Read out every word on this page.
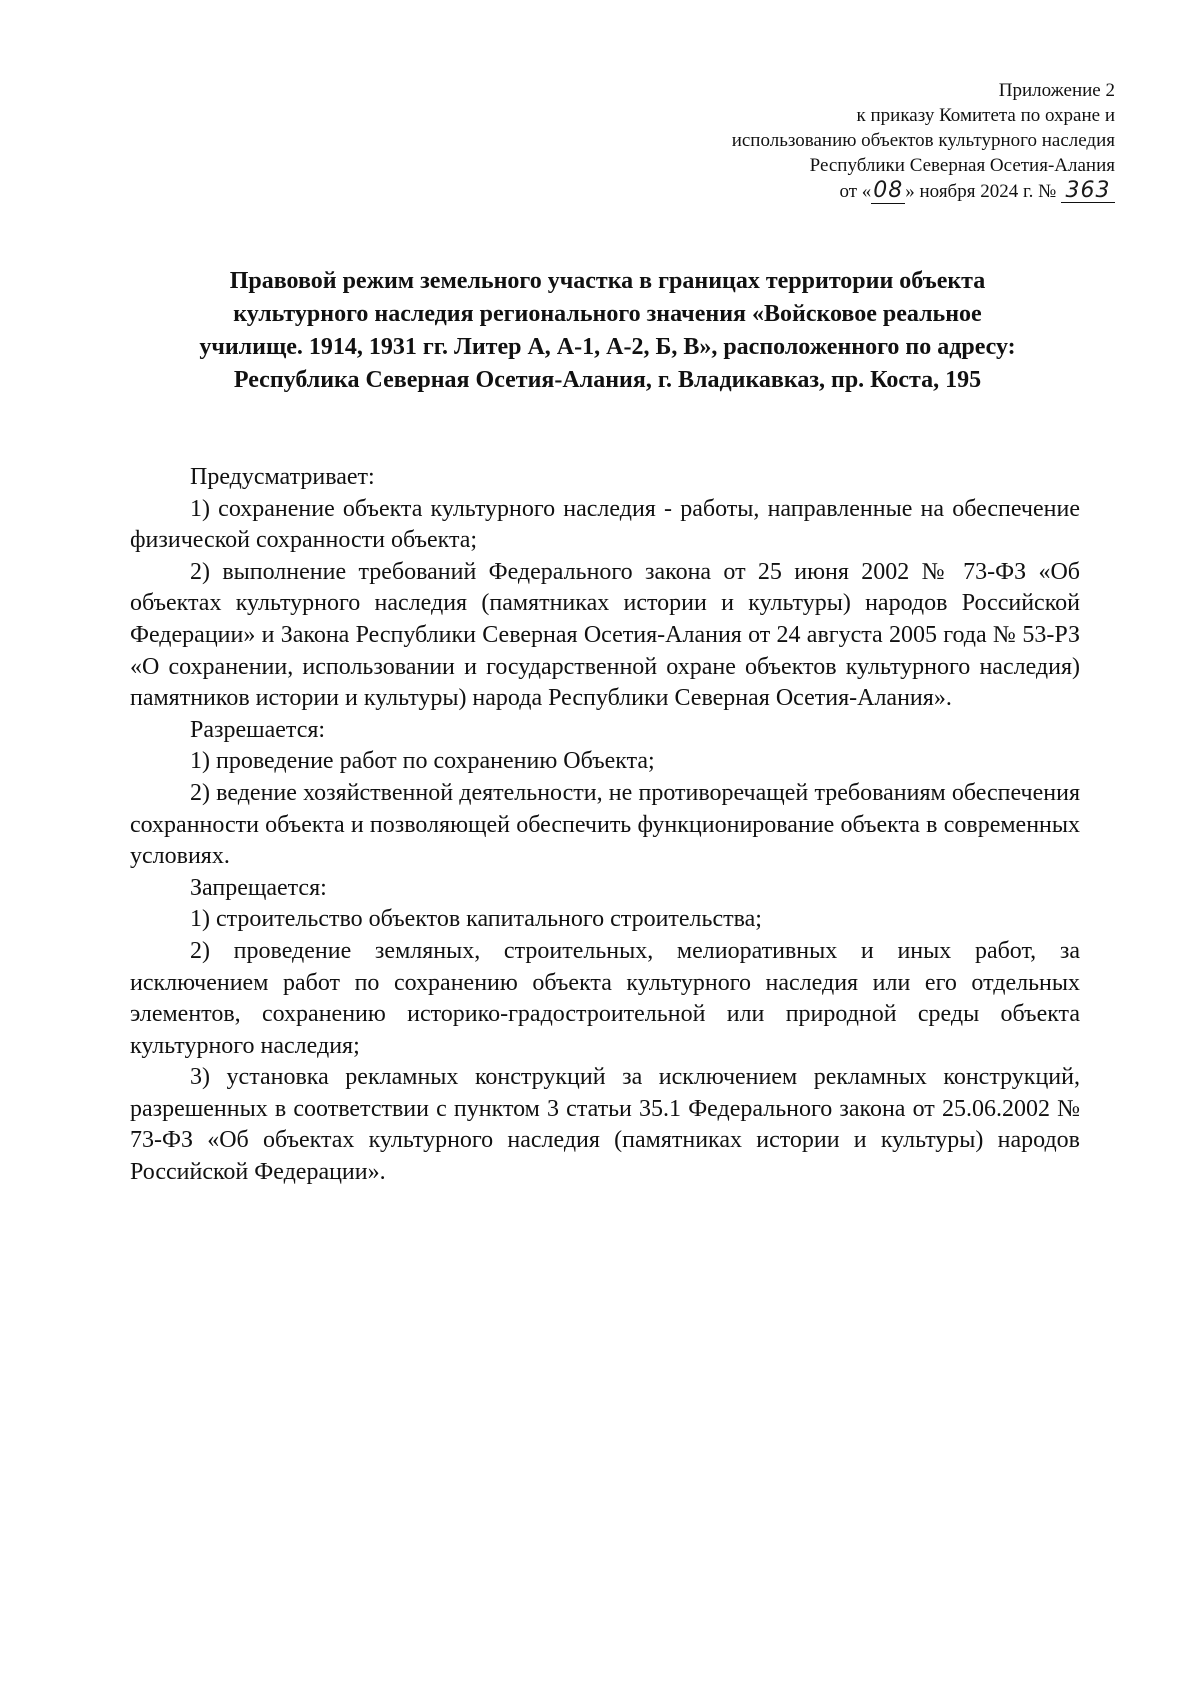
Приложение 2
к приказу Комитета по охране и
использованию объектов культурного наследия
Республики Северная Осетия-Алания
от «08 » ноября 2024 г. № 363
Правовой режим земельного участка в границах территории объекта
культурного наследия регионального значения «Войсковое реальное
училище. 1914, 1931 гг. Литер А, А-1, А-2, Б, В», расположенного по адресу:
Республика Северная Осетия-Алания, г. Владикавказ, пр. Коста, 195

Предусматривает:

1) сохранение объекта культурного наследия - работы, направленные на обеспечение физической сохранности объекта;

2) выполнение требований Федерального закона от 25 июня 2002 № 73-ФЗ «Об объектах культурного наследия (памятниках истории и культуры) народов Российской Федерации» и Закона Республики Северная Осетия-Алания от 24 августа 2005 года № 53-РЗ «О сохранении, использовании и государственной охране объектов культурного наследия) памятников истории и культуры) народа Республики Северная Осетия-Алания».

Разрешается:

1) проведение работ по сохранению Объекта;

2) ведение хозяйственной деятельности, не противоречащей требованиям обеспечения сохранности объекта и позволяющей обеспечить функционирование объекта в современных условиях.

Запрещается:

1) строительство объектов капитального строительства;

2) проведение земляных, строительных, мелиоративных и иных работ, за исключением работ по сохранению объекта культурного наследия или его отдельных элементов, сохранению историко-градостроительной или природной среды объекта культурного наследия;

3) установка рекламных конструкций за исключением рекламных конструкций, разрешенных в соответствии с пунктом 3 статьи 35.1 Федерального закона от 25.06.2002 № 73-ФЗ «Об объектах культурного наследия (памятниках истории и культуры) народов Российской Федерации».
